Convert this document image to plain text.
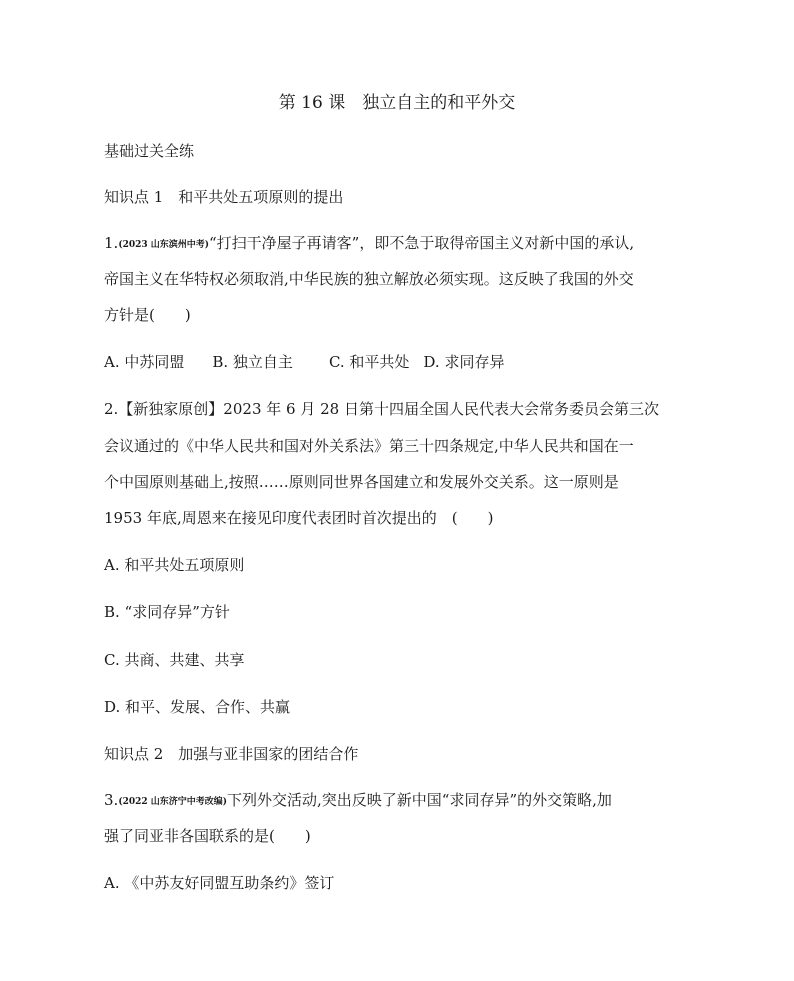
第 16 课　独立自主的和平外交
基础过关全练
知识点 1　和平共处五项原则的提出
1.(2023 山东滨州中考)“打扫干净屋子再请客”，即不急于取得帝国主义对新中国的承认,
帝国主义在华特权必须取消,中华民族的独立解放必须实现。这反映了我国的外交
方针是(　　)
A. 中苏同盟 B. 独立自主 C. 和平共处 D. 求同存异
2.【新独家原创】2023 年 6 月 28 日第十四届全国人民代表大会常务委员会第三次
会议通过的《中华人民共和国对外关系法》第三十四条规定,中华人民共和国在一
个中国原则基础上,按照……原则同世界各国建立和发展外交关系。这一原则是
1953 年底,周恩来在接见印度代表团时首次提出的　(　　)
A. 和平共处五项原则
B. “求同存异”方针
C. 共商、共建、共享
D. 和平、发展、合作、共赢
知识点 2　加强与亚非国家的团结合作
3.(2022 山东济宁中考改编)下列外交活动,突出反映了新中国“求同存异”的外交策略,加
强了同亚非各国联系的是(　　)
A. 《中苏友好同盟互助条约》签订
